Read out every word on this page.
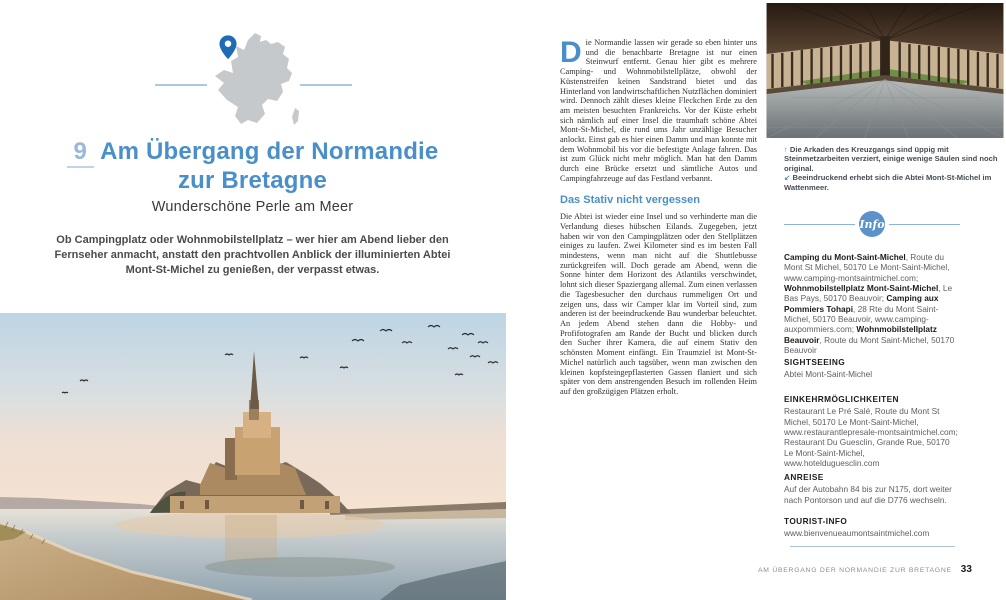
9 Am Übergang der Normandie
zur Bretagne
Wunderschöne Perle am Meer
Ob Campingplatz oder Wohnmobilstellplatz – wer hier am Abend lieber den Fernseher anmacht, anstatt den prachtvollen Anblick der illuminierten Abtei Mont-St-Michel zu genießen, der verpasst etwas.

Die Normandie lassen wir gerade so eben hinter uns und die benachbarte Bretagne ist nur einen Steinwurf entfernt. Genau hier gibt es mehrere Camping- und Wohnmobilstellplätze, obwohl der Küstenstreifen keinen Sandstrand bietet und das Hinterland von landwirtschaftlichen Nutzflächen dominiert wird. Dennoch zählt dieses kleine Fleckchen Erde zu den am meisten besuchten Frankreichs. Vor der Küste erhebt sich nämlich auf einer Insel die traumhaft schöne Abtei Mont-St-Michel, die rund ums Jahr unzählige Besucher anlockt. Einst gab es hier einen Damm und man konnte mit dem Wohnmobil bis vor die befestigte Anlage fahren. Das ist zum Glück nicht mehr möglich. Man hat den Damm durch eine Brücke ersetzt und sämtliche Autos und Campingfahrzeuge auf das Festland verbannt.

Das Stativ nicht vergessen

Die Abtei ist wieder eine Insel und so verhinderte man die Verlandung dieses hübschen Eilands. Zugegeben, jetzt haben wir von den Campingplätzen oder den Stellplätzen einiges zu laufen. Zwei Kilometer sind es im besten Fall mindestens, wenn man nicht auf die Shuttlebusse zurückgreifen will. Doch gerade am Abend, wenn die Sonne hinter dem Horizont des Atlantiks verschwindet, lohnt sich dieser Spaziergang allemal. Zum einen verlassen die Tagesbesucher den durchaus rummeligen Ort und zeigen uns, dass wir Camper klar im Vorteil sind, zum anderen ist der beeindruckende Bau wunderbar beleuchtet. An jedem Abend stehen dann die Hobby- und Profifotografen am Rande der Bucht und blicken durch den Sucher ihrer Kamera, die auf einem Stativ den schönsten Moment einfängt. Ein Traumziel ist Mont-St-Michel natürlich auch tagsüber, wenn man zwischen den kleinen kopfsteingepflasterten Gassen flaniert und sich später von dem anstrengenden Besuch im rollenden Heim auf den großzügigen Plätzen erholt.

↑ Die Arkaden des Kreuzgangs sind üppig mit Steinmetzarbeiten verziert, einige wenige Säulen sind noch original.
↙ Beeindruckend erhebt sich die Abtei Mont-St-Michel im Wattenmeer.
Info
Camping du Mont-Saint-Michel, Route du Mont St Michel, 50170 Le Mont-Saint-Michel, www.camping-montsaintmichel.com; Wohnmobilstellplatz Mont-Saint-Michel, Le Bas Pays, 50170 Beauvoir; Camping aux Pommiers Tohapi, 28 Rte du Mont Saint-Michel, 50170 Beauvoir, www.camping-auxpommiers.com; Wohnmobilstellplatz Beauvoir, Route du Mont Saint-Michel, 50170 Beauvoir
SIGHTSEEING
Abtei Mont-Saint-Michel
EINKEHRMÖGLICHKEITEN
Restaurant Le Pré Salé, Route du Mont St Michel, 50170 Le Mont-Saint-Michel, www.restaurantlepresale-montsaintmichel.com; Restaurant Du Guesclin, Grande Rue, 50170 Le Mont-Saint-Michel, www.hotelduguesclin.com
ANREISE
Auf der Autobahn 84 bis zur N175, dort weiter nach Pontorson und auf die D776 wechseln.
TOURIST-INFO
www.bienvenueaumontsaintmichel.com
AM ÜBERGANG DER NORMANDIE ZUR BRETAGNE 33
